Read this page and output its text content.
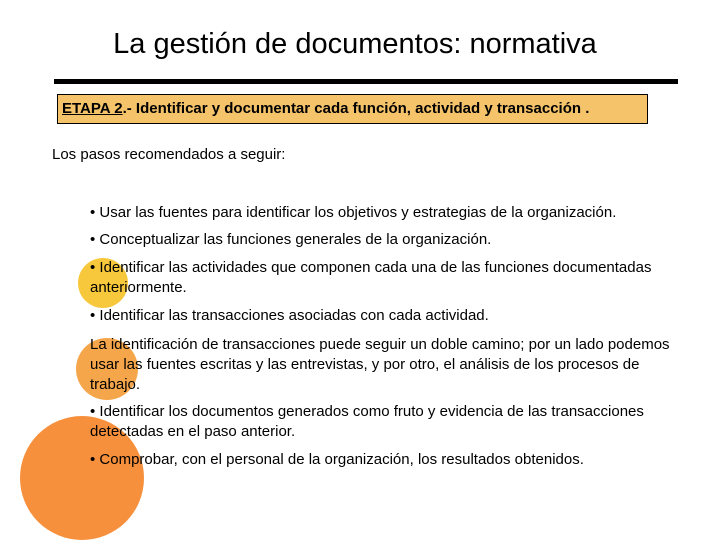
La gestión de documentos: normativa
ETAPA 2.- Identificar y documentar cada función, actividad y transacción .
Los pasos recomendados a seguir:
• Usar las fuentes para identificar los objetivos y estrategias de la organización.
• Conceptualizar las funciones generales de la organización.
• Identificar las actividades que componen cada una de las funciones documentadas anteriormente.
• Identificar las transacciones asociadas con cada actividad.
La identificación de transacciones puede seguir un doble camino; por un lado podemos usar las fuentes escritas y las entrevistas, y por otro, el análisis de los procesos de trabajo.
• Identificar los documentos generados como fruto y evidencia de las transacciones detectadas en el paso anterior.
• Comprobar, con el personal de la organización, los resultados obtenidos.
